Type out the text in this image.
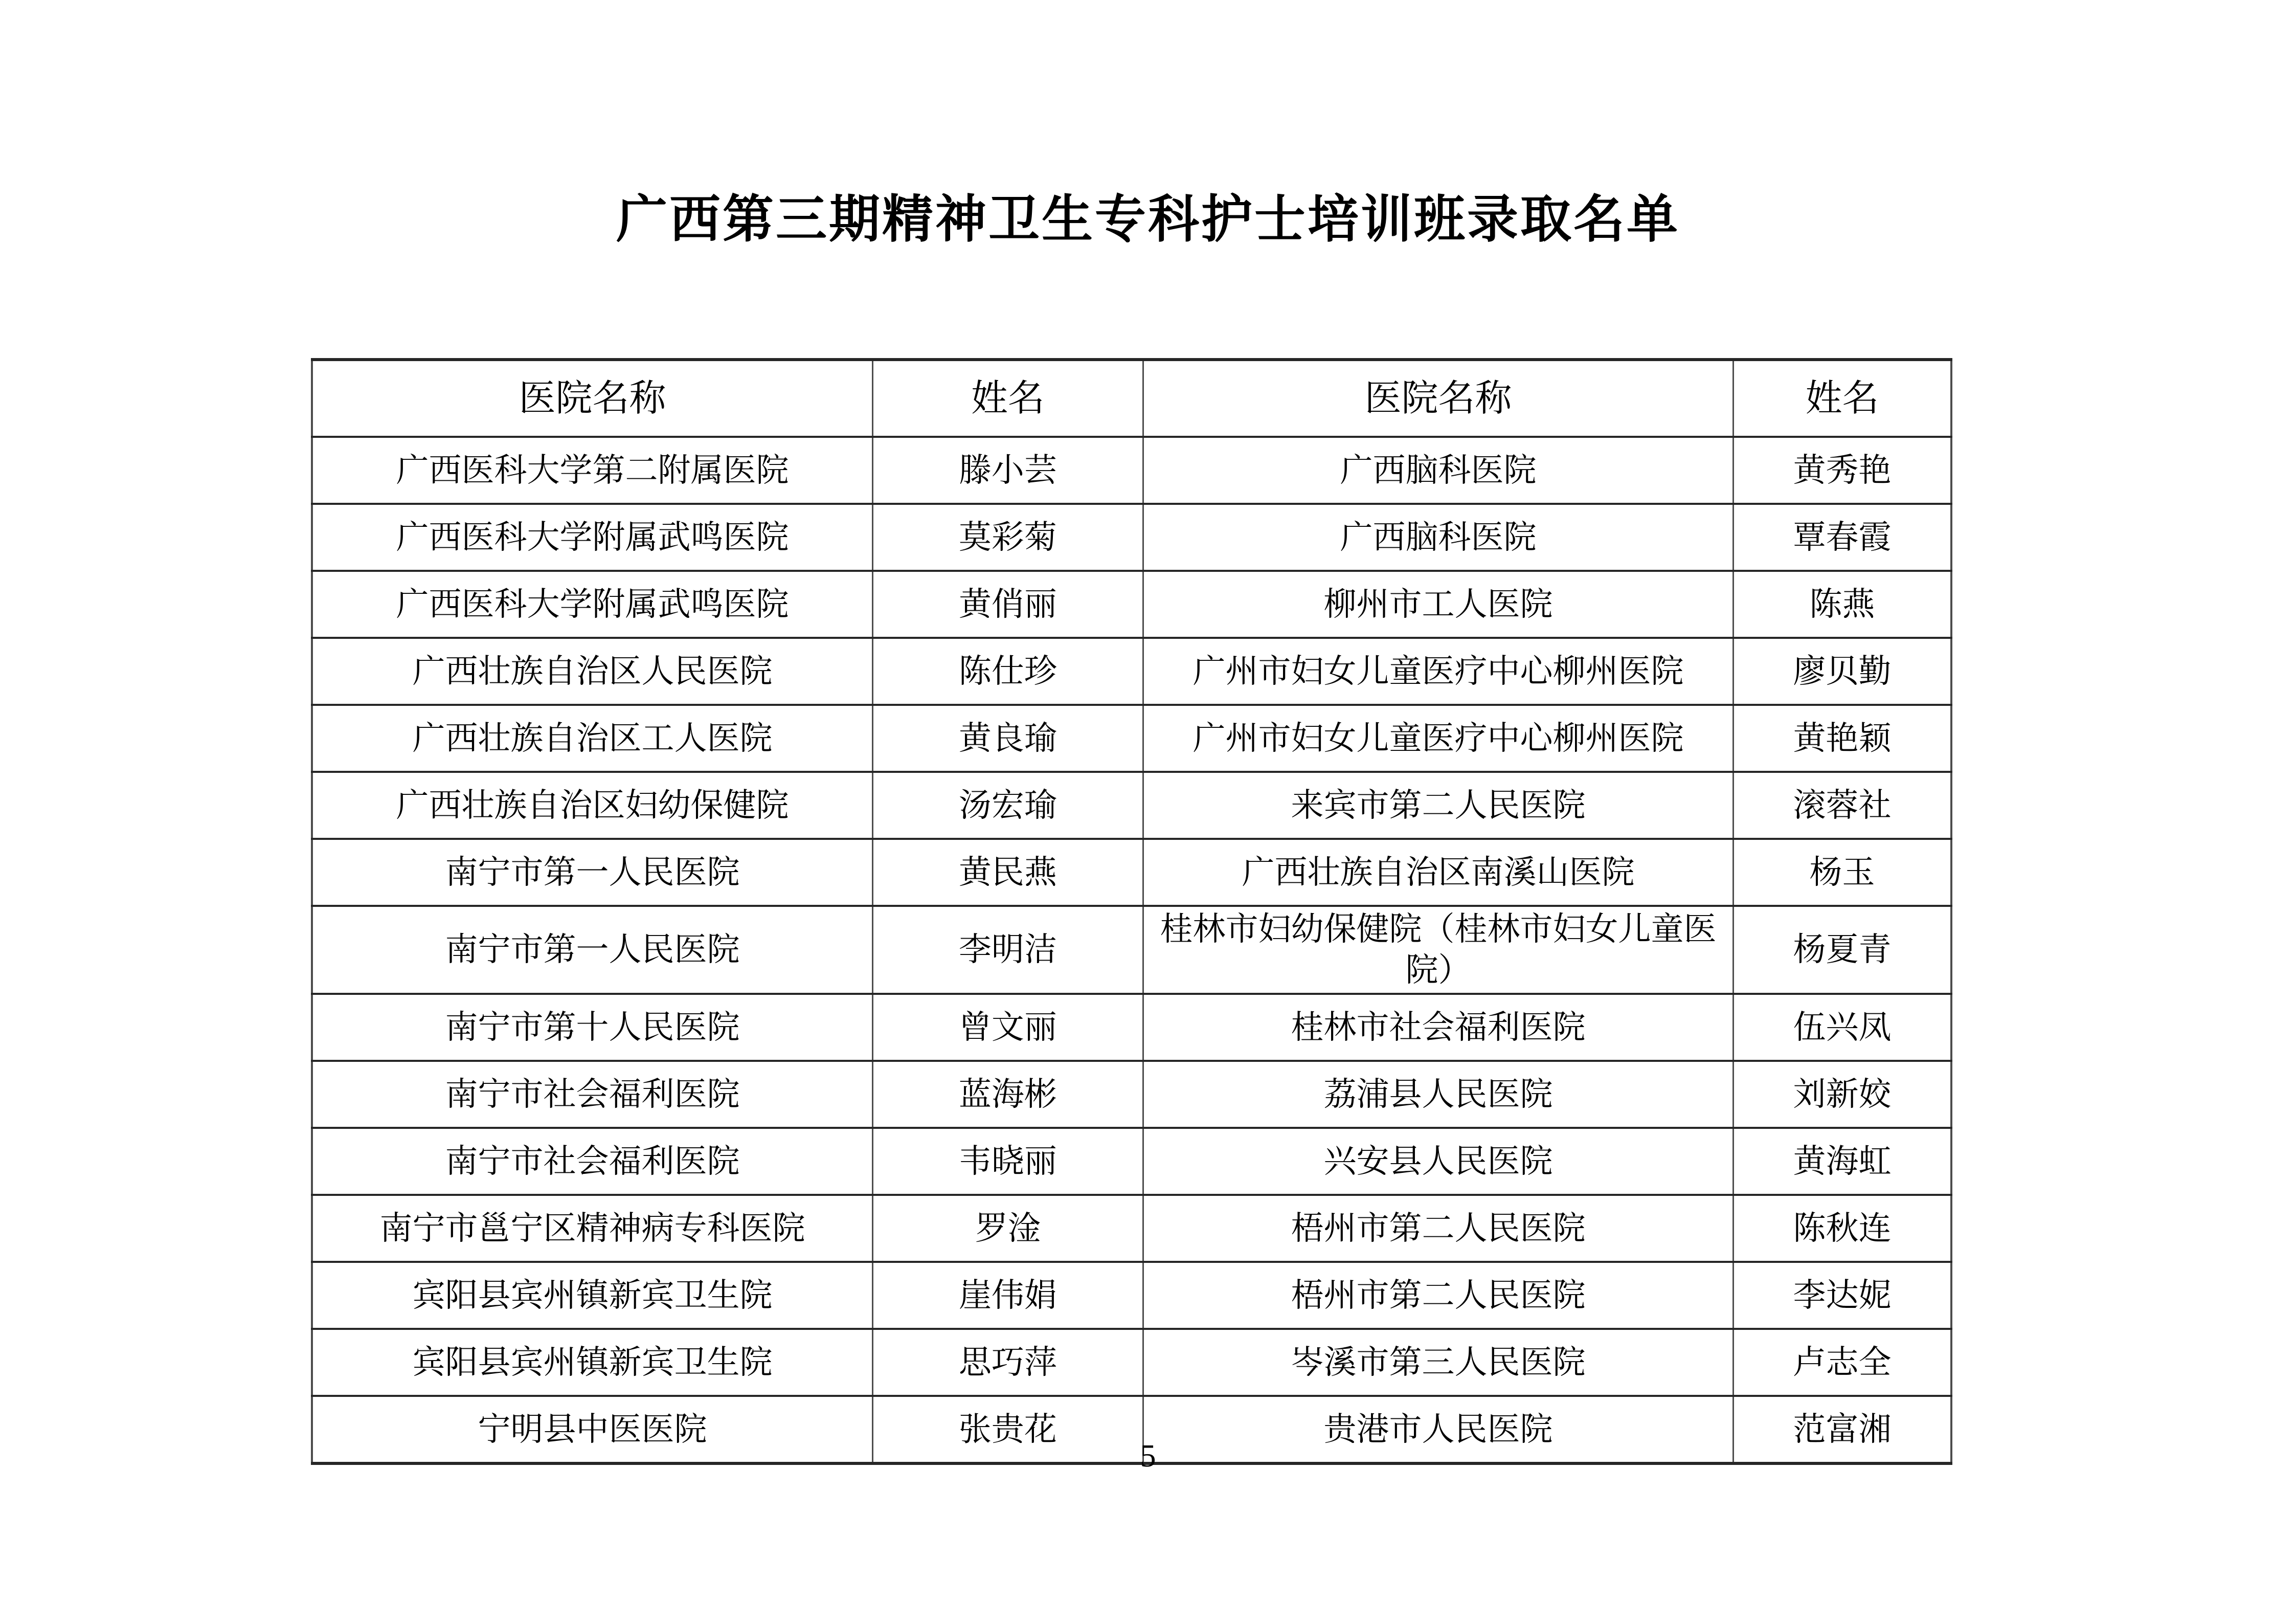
广西第三期精神卫生专科护士培训班录取名单
医院名称	姓名	医院名称	姓名
广西医科大学第二附属医院	滕小芸	广西脑科医院	黄秀艳
广西医科大学附属武鸣医院	莫彩菊	广西脑科医院	覃春霞
广西医科大学附属武鸣医院	黄俏丽	柳州市工人医院	陈燕
广西壮族自治区人民医院	陈仕珍	广州市妇女儿童医疗中心柳州医院	廖贝勤
广西壮族自治区工人医院	黄良瑜	广州市妇女儿童医疗中心柳州医院	黄艳颖
广西壮族自治区妇幼保健院	汤宏瑜	来宾市第二人民医院	滚蓉社
南宁市第一人民医院	黄民燕	广西壮族自治区南溪山医院	杨玉
南宁市第一人民医院	李明洁	桂林市妇幼保健院（桂林市妇女儿童医院）	杨夏青
南宁市第十人民医院	曾文丽	桂林市社会福利医院	伍兴凤
南宁市社会福利医院	蓝海彬	荔浦县人民医院	刘新姣
南宁市社会福利医院	韦晓丽	兴安县人民医院	黄海虹
南宁市邕宁区精神病专科医院	罗淦	梧州市第二人民医院	陈秋连
宾阳县宾州镇新宾卫生院	崖伟娟	梧州市第二人民医院	李达妮
宾阳县宾州镇新宾卫生院	思巧萍	岑溪市第三人民医院	卢志全
宁明县中医医院	张贵花	贵港市人民医院	范富湘
5
